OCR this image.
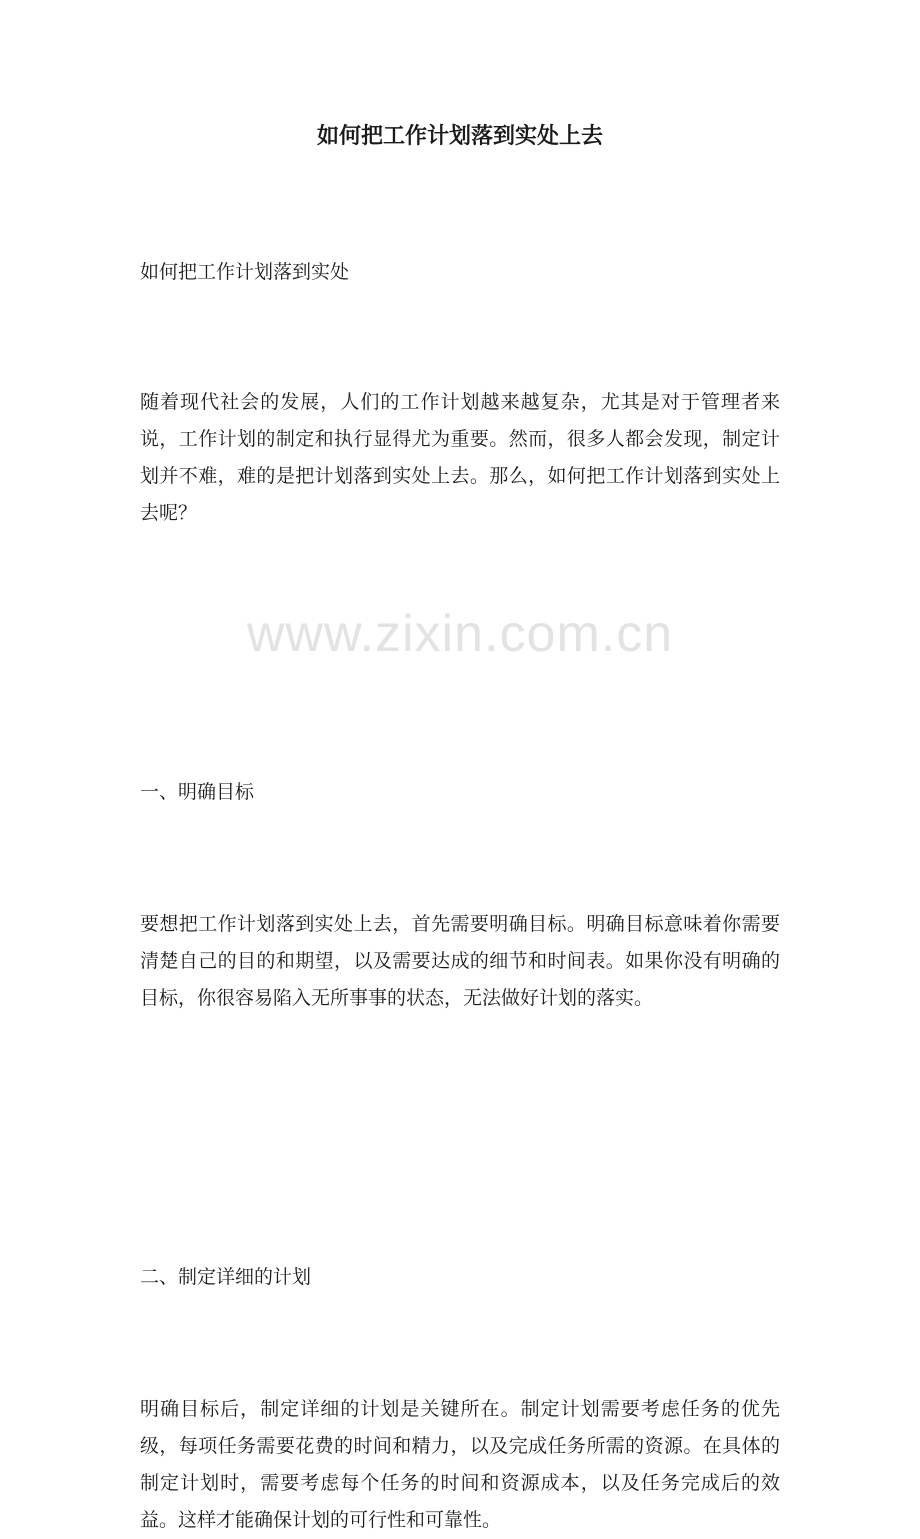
www.zixin.com.cn
如何把工作计划落到实处上去

如何把工作计划落到实处

随着现代社会的发展，人们的工作计划越来越复杂，尤其是对于管理者来说，工作计划的制定和执行显得尤为重要。然而，很多人都会发现，制定计划并不难，难的是把计划落到实处上去。那么，如何把工作计划落到实处上去呢？

一、明确目标

要想把工作计划落到实处上去，首先需要明确目标。明确目标意味着你需要清楚自己的目的和期望，以及需要达成的细节和时间表。如果你没有明确的目标，你很容易陷入无所事事的状态，无法做好计划的落实。

二、制定详细的计划

明确目标后，制定详细的计划是关键所在。制定计划需要考虑任务的优先级，每项任务需要花费的时间和精力，以及完成任务所需的资源。在具体的制定计划时，需要考虑每个任务的时间和资源成本，以及任务完成后的效益。这样才能确保计划的可行性和可靠性。
